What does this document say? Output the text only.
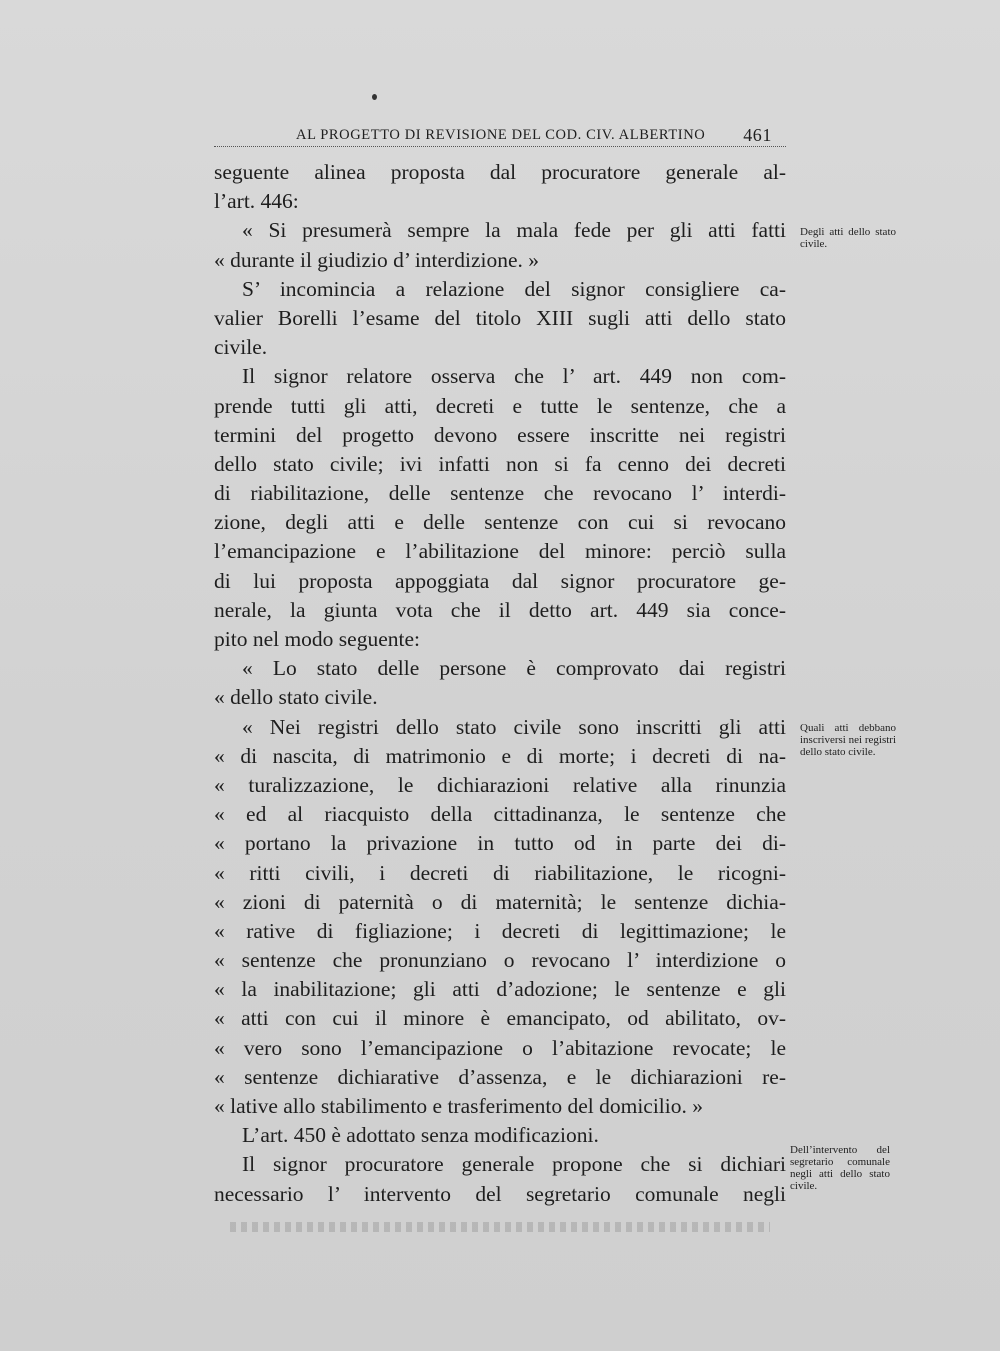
AL PROGETTO DI REVISIONE DEL COD. CIV. ALBERTINO 461
seguente alinea proposta dal procuratore generale al-
l’art. 446:
« Si presumerà sempre la mala fede per gli atti fatti
« durante il giudizio d’ interdizione. »
S’ incomincia a relazione del signor consigliere ca-
valier Borelli l’esame del titolo XIII sugli atti dello stato
civile.
Il signor relatore osserva che l’ art. 449 non com-
prende tutti gli atti, decreti e tutte le sentenze, che a
termini del progetto devono essere inscritte nei registri
dello stato civile; ivi infatti non si fa cenno dei decreti
di riabilitazione, delle sentenze che revocano l’ interdi-
zione, degli atti e delle sentenze con cui si revocano
l’emancipazione e l’abilitazione del minore: perciò sulla
di lui proposta appoggiata dal signor procuratore ge-
nerale, la giunta vota che il detto art. 449 sia conce-
pito nel modo seguente:
« Lo stato delle persone è comprovato dai registri
« dello stato civile.
« Nei registri dello stato civile sono inscritti gli atti
« di nascita, di matrimonio e di morte; i decreti di na-
« turalizzazione, le dichiarazioni relative alla rinunzia
« ed al riacquisto della cittadinanza, le sentenze che
« portano la privazione in tutto od in parte dei di-
« ritti civili, i decreti di riabilitazione, le ricogni-
« zioni di paternità o di maternità; le sentenze dichia-
« rative di figliazione; i decreti di legittimazione; le
« sentenze che pronunziano o revocano l’ interdizione o
« la inabilitazione; gli atti d’adozione; le sentenze e gli
« atti con cui il minore è emancipato, od abilitato, ov-
« vero sono l’emancipazione o l’abitazione revocate; le
« sentenze dichiarative d’assenza, e le dichiarazioni re-
« lative allo stabilimento e trasferimento del domicilio. »
L’art. 450 è adottato senza modificazioni.
Il signor procuratore generale propone che si dichiari
necessario l’ intervento del segretario comunale negli
Degli atti dello stato civile.
Quali atti debbano inscriversi nei registri dello stato civile.
Dell’intervento del segretario comunale negli atti dello stato civile.
